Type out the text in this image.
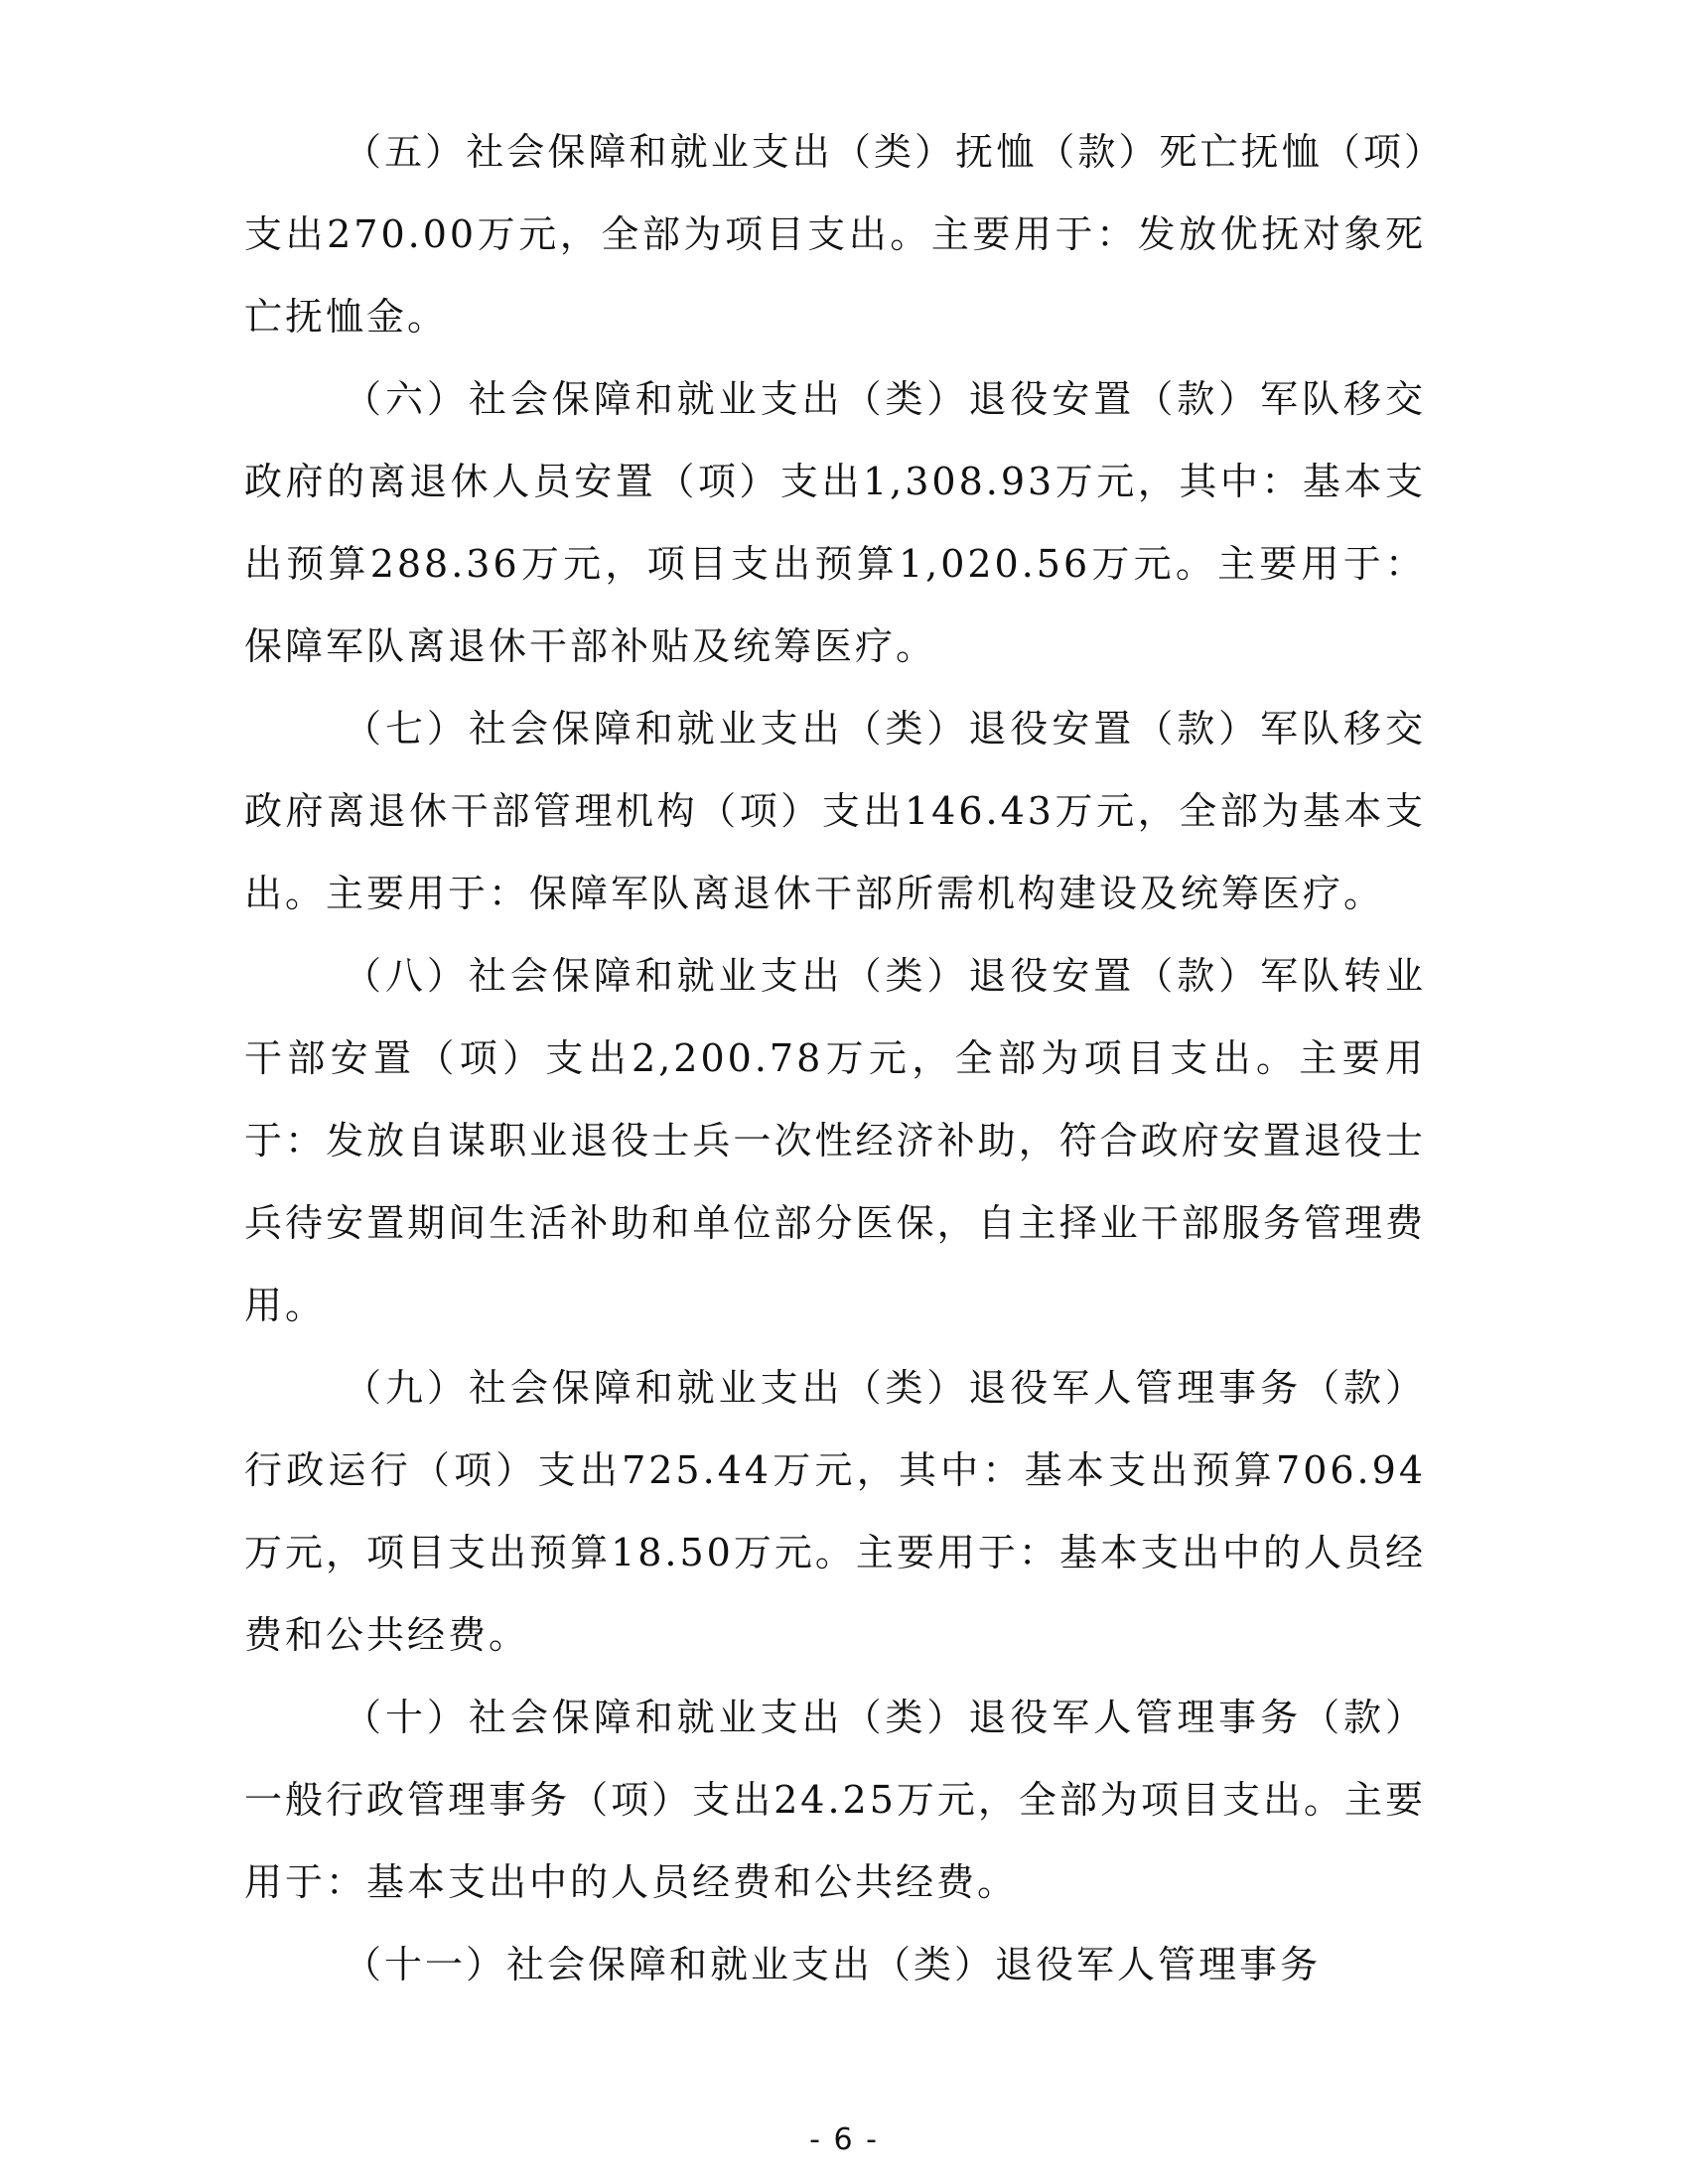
（五）社会保障和就业支出（类）抚恤（款）死亡抚恤（项）支出270.00万元，全部为项目支出。主要用于：发放优抚对象死亡抚恤金。

（六）社会保障和就业支出（类）退役安置（款）军队移交政府的离退休人员安置（项）支出1,308.93万元，其中：基本支出预算288.36万元，项目支出预算1,020.56万元。主要用于：保障军队离退休干部补贴及统筹医疗。

（七）社会保障和就业支出（类）退役安置（款）军队移交政府离退休干部管理机构（项）支出146.43万元，全部为基本支出。主要用于：保障军队离退休干部所需机构建设及统筹医疗。

（八）社会保障和就业支出（类）退役安置（款）军队转业干部安置（项）支出2,200.78万元，全部为项目支出。主要用于：发放自谋职业退役士兵一次性经济补助，符合政府安置退役士兵待安置期间生活补助和单位部分医保，自主择业干部服务管理费用。

（九）社会保障和就业支出（类）退役军人管理事务（款）行政运行（项）支出725.44万元，其中：基本支出预算706.94万元，项目支出预算18.50万元。主要用于：基本支出中的人员经费和公共经费。

（十）社会保障和就业支出（类）退役军人管理事务（款）一般行政管理事务（项）支出24.25万元，全部为项目支出。主要用于：基本支出中的人员经费和公共经费。

（十一）社会保障和就业支出（类）退役军人管理事务

- 6 -
